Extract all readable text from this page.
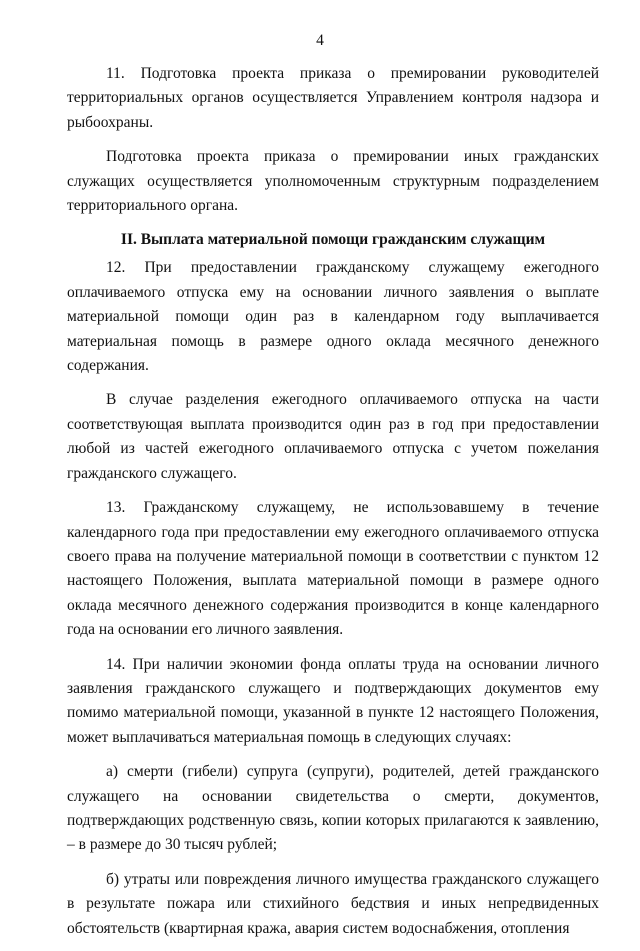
4

11. Подготовка проекта приказа о премировании руководителей территориальных органов осуществляется Управлением контроля надзора и рыбоохраны.

Подготовка проекта приказа о премировании иных гражданских служащих осуществляется уполномоченным структурным подразделением территориального органа.

II. Выплата материальной помощи гражданским служащим

12. При предоставлении гражданскому служащему ежегодного оплачиваемого отпуска ему на основании личного заявления о выплате материальной помощи один раз в календарном году выплачивается материальная помощь в размере одного оклада месячного денежного содержания.

В случае разделения ежегодного оплачиваемого отпуска на части соответствующая выплата производится один раз в год при предоставлении любой из частей ежегодного оплачиваемого отпуска с учетом пожелания гражданского служащего.

13. Гражданскому служащему, не использовавшему в течение календарного года при предоставлении ему ежегодного оплачиваемого отпуска своего права на получение материальной помощи в соответствии с пунктом 12 настоящего Положения, выплата материальной помощи в размере одного оклада месячного денежного содержания производится в конце календарного года на основании его личного заявления.

14. При наличии экономии фонда оплаты труда на основании личного заявления гражданского служащего и подтверждающих документов ему помимо материальной помощи, указанной в пункте 12 настоящего Положения, может выплачиваться материальная помощь в следующих случаях:

а) смерти (гибели) супруга (супруги), родителей, детей гражданского служащего на основании свидетельства о смерти, документов, подтверждающих родственную связь, копии которых прилагаются к заявлению, – в размере до 30 тысяч рублей;

б) утраты или повреждения личного имущества гражданского служащего в результате пожара или стихийного бедствия и иных непредвиденных обстоятельств (квартирная кража, авария систем водоснабжения, отопления
